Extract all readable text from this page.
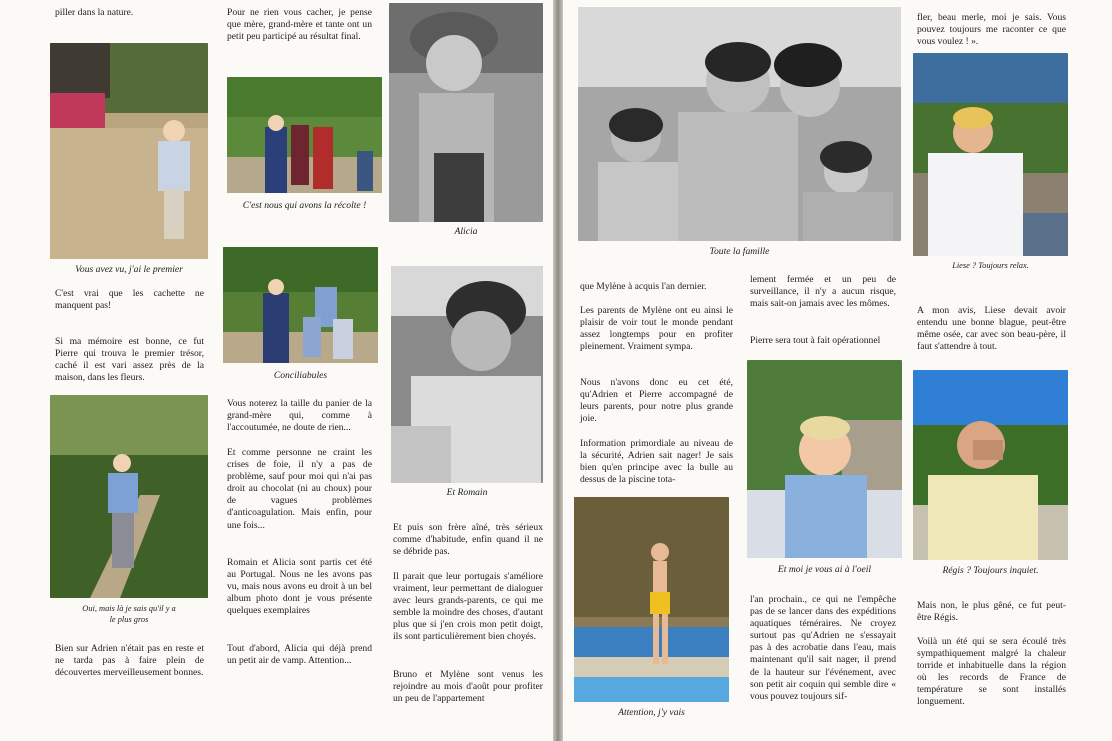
piller dans la nature.

Vous avez vu, j'ai le premier

C'est vrai que les cachette ne manquent pas!

Si ma mémoire est bonne, ce fut Pierre qui trouva le premier trésor, caché il est vari assez près de la maison, dans les fleurs.

Oui, mais là je sais qu'il y a

le plus gros

Bien sur Adrien n'était pas en reste et ne tarda pas à faire plein de découvertes merveilleusement bonnes.

Pour ne rien vous cacher, je pense que mère, grand-mère et tante ont un petit peu participé au résultat final.

C'est nous qui avons la récolte !

Conciliabules

Vous noterez la taille du panier de la grand-mère qui, comme à l'accoutumée, ne doute de rien...

Et comme personne ne craint les crises de foie, il n'y a pas de problème, sauf pour moi qui n'ai pas droit au chocolat (ni au choux) pour de vagues problèmes d'anticoagulation. Mais enfin, pour une fois...

Romain et Alicia sont partis cet été au Portugal. Nous ne les avons pas vu, mais nous avons eu droit à un bel album photo dont je vous présente quelques exemplaires

Tout d'abord, Alicia qui déjà prend un petit air de vamp. Attention...

Alicia

Et Romain

Et puis son frère aîné, très sérieux comme d'habitude, enfin quand il ne se débride pas.

Il parait que leur portugais s'améliore vraiment, leur permettant de dialoguer avec leurs grands-parents, ce qui me semble la moindre des choses, d'autant plus que si j'en crois mon petit doigt, ils sont particulièrement bien choyés.

Bruno et Mylène sont venus les rejoindre au mois d'août pour profiter un peu de l'appartement

Toute la famille

que Mylène à acquis l'an dernier.

Les parents de Mylène ont eu ainsi le plaisir de voir tout le monde pendant assez longtemps pour en profiter pleinement. Vraiment sympa.

Nous n'avons donc eu cet été, qu'Adrien et Pierre accompagné de leurs parents, pour notre plus grande joie.

Information primordiale au niveau de la sécurité, Adrien sait nager! Je sais bien qu'en principe avec la bulle au dessus de la piscine tota-

Attention, j'y vais

lement fermée et un peu de surveillance, il n'y a aucun risque, mais sait-on jamais avec les mômes.

Pierre sera tout à fait opérationnel

Et moi je vous ai à l'oeil

l'an prochain., ce qui ne l'empêche pas de se lancer dans des expéditions aquatiques téméraires. Ne croyez surtout pas qu'Adrien ne s'essayait pas à des acrobatie dans l'eau, mais maintenant qu'il sait nager, il prend de la hauteur sur l'événement, avec son petit air coquin qui semble dire « vous pouvez toujours sif-

fler, beau merle, moi je sais. Vous pouvez toujours me raconter ce que vous voulez ! ».

Liese ? Toujours relax.

A mon avis, Liese devait avoir entendu une bonne blague, peut-être même osée, car avec son beau-père, il faut s'attendre à tout.

Régis ? Toujours inquiet.

Mais non, le plus gêné, ce fut peut-être Régis.

Voilà un été qui se sera écoulé très sympathiquement malgré la chaleur torride et inhabituelle dans la région où les records de France de température se sont installés longuement.
